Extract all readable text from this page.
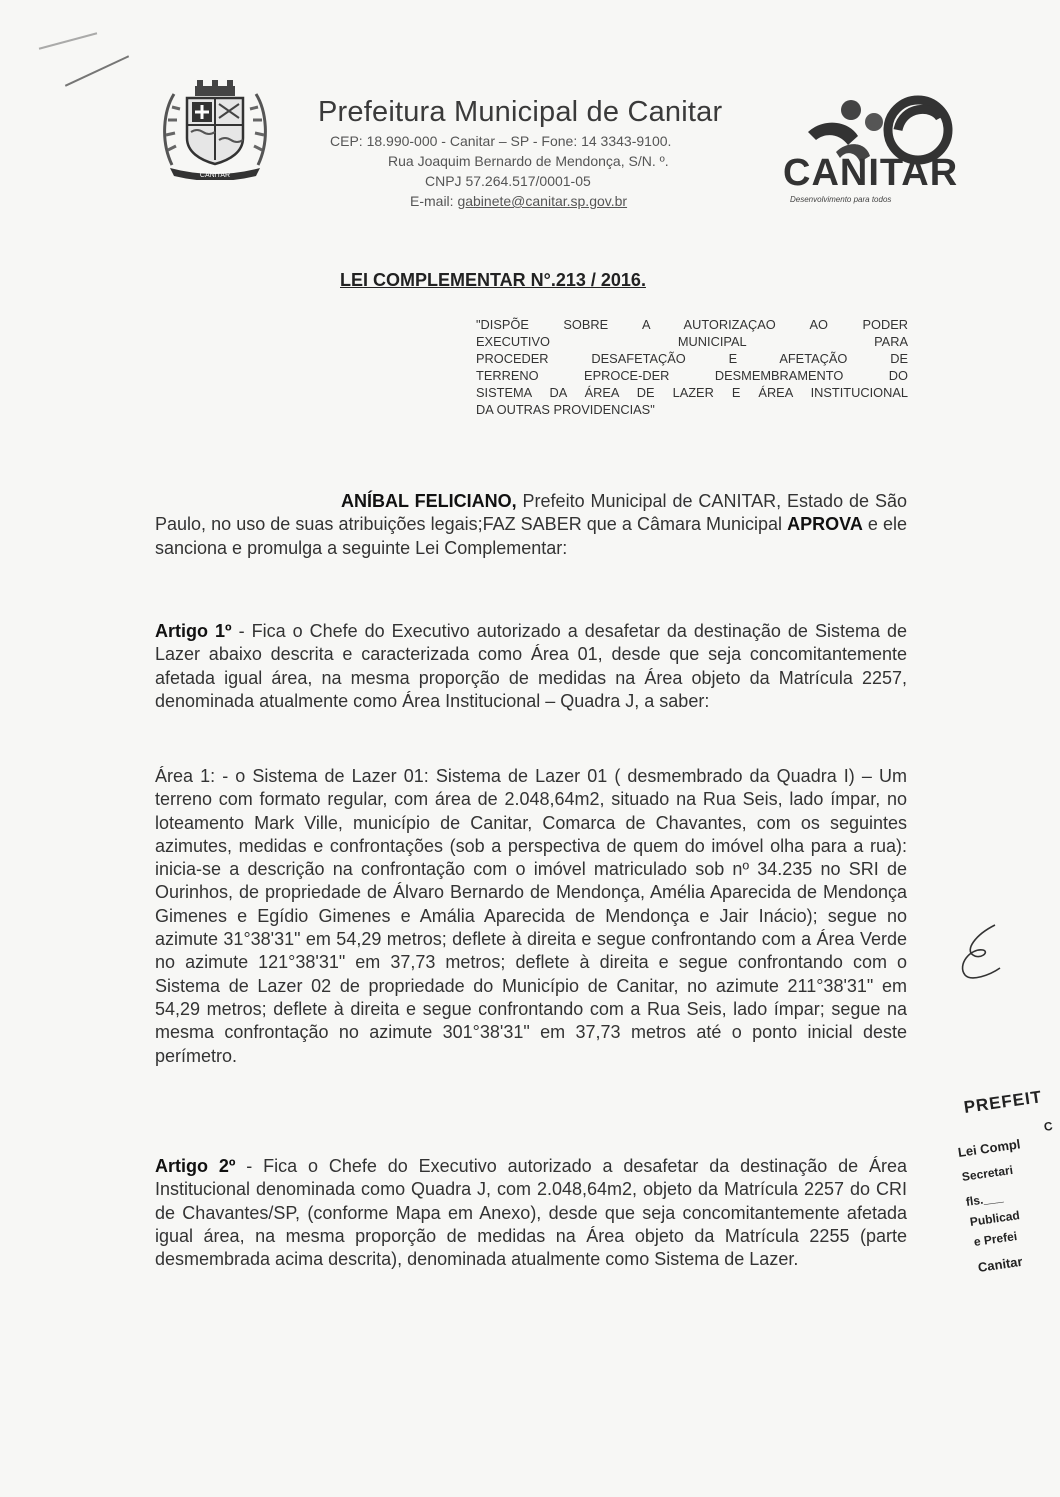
CANITAR
Prefeitura Municipal de Canitar
CEP: 18.990-000 - Canitar – SP - Fone: 14 3343-9100.
Rua Joaquim Bernardo de Mendonça, S/N. º.
CNPJ 57.264.517/0001-05
E-mail: gabinete@canitar.sp.gov.br
CANITAR
Desenvolvimento para todos
LEI COMPLEMENTAR N°.213 / 2016.
"DISPÕE SOBRE A AUTORIZAÇAO AO PODER
EXECUTIVO MUNICIPAL PARA
PROCEDER DESAFETAÇÃO E AFETAÇÃO DE
TERRENO EPROCE-DER DESMEMBRAMENTO DO
SISTEMA DA ÁREA DE LAZER E ÁREA INSTITUCIONAL
DA OUTRAS PROVIDENCIAS"
ANÍBAL FELICIANO, Prefeito Municipal de CANITAR, Estado de São Paulo, no uso de suas atribuições legais;FAZ SABER que a Câmara Municipal APROVA e ele sanciona e promulga a seguinte Lei Complementar:
Artigo 1º - Fica o Chefe do Executivo autorizado a desafetar da destinação de Sistema de Lazer abaixo descrita e caracterizada como Área 01, desde que seja concomitantemente afetada igual área, na mesma proporção de medidas na Área objeto da Matrícula 2257, denominada atualmente como Área Institucional – Quadra J, a saber:
Área 1: - o Sistema de Lazer 01: Sistema de Lazer 01 ( desmembrado da Quadra I) – Um terreno com formato regular, com área de 2.048,64m2, situado na Rua Seis, lado ímpar, no loteamento Mark Ville, município de Canitar, Comarca de Chavantes, com os seguintes azimutes, medidas e confrontações (sob a perspectiva de quem do imóvel olha para a rua): inicia-se a descrição na confrontação com o imóvel matriculado sob nº 34.235 no SRI de Ourinhos, de propriedade de Álvaro Bernardo de Mendonça, Amélia Aparecida de Mendonça Gimenes e Egídio Gimenes e Amália Aparecida de Mendonça e Jair Inácio); segue no azimute 31°38'31" em 54,29 metros; deflete à direita e segue confrontando com a Área Verde no azimute 121°38'31" em 37,73 metros; deflete à direita e segue confrontando com o Sistema de Lazer 02 de propriedade do Município de Canitar, no azimute 211°38'31" em 54,29 metros; deflete à direita e segue confrontando com a Rua Seis, lado ímpar; segue na mesma confrontação no azimute 301°38'31" em 37,73 metros até o ponto inicial deste perímetro.
Artigo 2º - Fica o Chefe do Executivo autorizado a desafetar da destinação de Área Institucional denominada como Quadra J, com 2.048,64m2, objeto da Matrícula 2257 do CRI de Chavantes/SP, (conforme Mapa em Anexo), desde que seja concomitantemente afetada igual área, na mesma proporção de medidas na Área objeto da Matrícula 2255 (parte desmembrada acima descrita), denominada atualmente como Sistema de Lazer.
PREFEIT
C
Lei Compl
Secretari
fls.___
Publicad
e Prefei
Canitar
